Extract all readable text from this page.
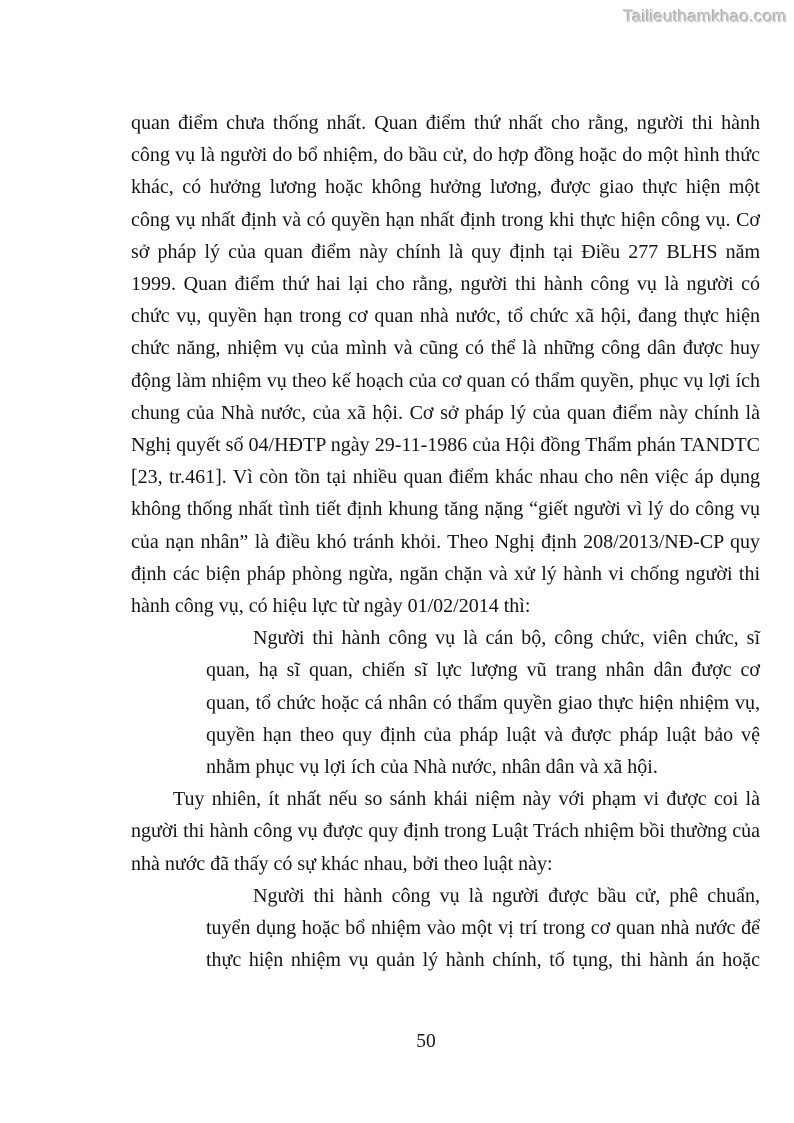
Tailieuthamkhao.com
quan điểm chưa thống nhất. Quan điểm thứ nhất cho rằng, người thi hành
công vụ là người do bổ nhiệm, do bầu cử, do hợp đồng hoặc do một hình thức
khác, có hưởng lương hoặc không hưởng lương, được giao thực hiện một
công vụ nhất định và có quyền hạn nhất định trong khi thực hiện công vụ. Cơ
sở pháp lý của quan điểm này chính là quy định tại Điều 277 BLHS năm
1999. Quan điểm thứ hai lại cho rằng, người thi hành công vụ là người có
chức vụ, quyền hạn trong cơ quan nhà nước, tổ chức xã hội, đang thực hiện
chức năng, nhiệm vụ của mình và cũng có thể là những công dân được huy
động làm nhiệm vụ theo kế hoạch của cơ quan có thẩm quyền, phục vụ lợi ích
chung của Nhà nước, của xã hội. Cơ sở pháp lý của quan điểm này chính là
Nghị quyết số 04/HĐTP ngày 29-11-1986 của Hội đồng Thẩm phán TANDTC
[23, tr.461]. Vì còn tồn tại nhiều quan điểm khác nhau cho nên việc áp dụng
không thống nhất tình tiết định khung tăng nặng “giết người vì lý do công vụ
của nạn nhân” là điều khó tránh khỏi. Theo Nghị định 208/2013/NĐ-CP quy
định các biện pháp phòng ngừa, ngăn chặn và xử lý hành vi chống người thi
hành công vụ, có hiệu lực từ ngày 01/02/2014 thì:
Người thi hành công vụ là cán bộ, công chức, viên chức, sĩ
quan, hạ sĩ quan, chiến sĩ lực lượng vũ trang nhân dân được cơ
quan, tổ chức hoặc cá nhân có thẩm quyền giao thực hiện nhiệm vụ,
quyền hạn theo quy định của pháp luật và được pháp luật bảo vệ
nhằm phục vụ lợi ích của Nhà nước, nhân dân và xã hội.
Tuy nhiên, ít nhất nếu so sánh khái niệm này với phạm vi được coi là
người thi hành công vụ được quy định trong Luật Trách nhiệm bồi thường của
nhà nước đã thấy có sự khác nhau, bởi theo luật này:
Người thi hành công vụ là người được bầu cử, phê chuẩn,
tuyển dụng hoặc bổ nhiệm vào một vị trí trong cơ quan nhà nước để
thực hiện nhiệm vụ quản lý hành chính, tố tụng, thi hành án hoặc
50
